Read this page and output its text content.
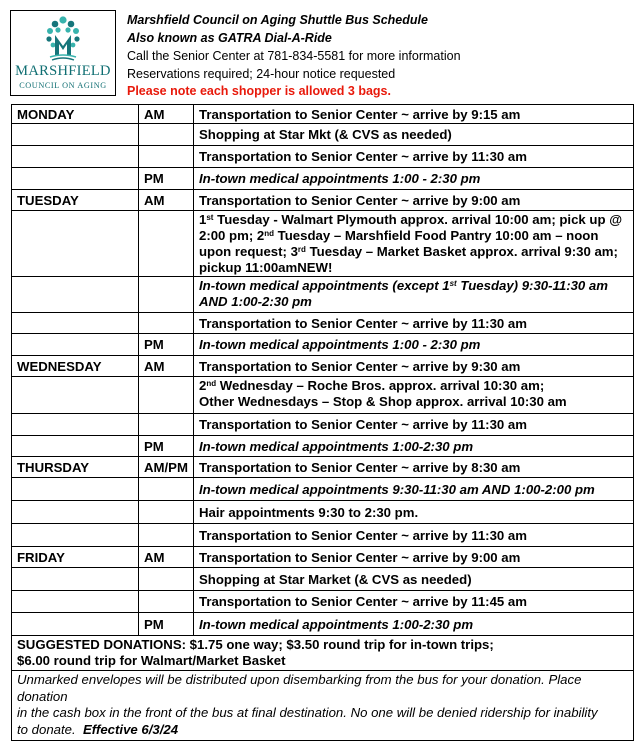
MARSHFIELD
COUNCIL ON AGING
Marshfield Council on Aging Shuttle Bus Schedule
Also known as GATRA Dial-A-Ride
Call the Senior Center at 781-834-5581 for more information
Reservations required; 24-hour notice requested
Please note each shopper is allowed 3 bags.
MONDAY	AM	Transportation to Senior Center ~ arrive by 9:15 am
		Shopping at Star Mkt (& CVS as needed)
		Transportation to Senior Center ~ arrive by 11:30 am
	PM	In-town medical appointments 1:00 - 2:30 pm
TUESDAY	AM	Transportation to Senior Center ~ arrive by 9:00 am
		1st Tuesday - Walmart Plymouth approx. arrival 10:00 am; pick up @ 2:00 pm; 2nd Tuesday – Marshfield Food Pantry 10:00 am – noon upon request; 3rd Tuesday – Market Basket approx. arrival 9:30 am; pickup 11:00amNEW!
		In-town medical appointments (except 1st Tuesday) 9:30-11:30 am AND 1:00-2:30 pm
		Transportation to Senior Center ~ arrive by 11:30 am
	PM	In-town medical appointments 1:00 - 2:30 pm
WEDNESDAY	AM	Transportation to Senior Center ~ arrive by 9:30 am
		2nd Wednesday – Roche Bros. approx. arrival 10:30 am;
Other Wednesdays – Stop & Shop approx. arrival 10:30 am
		Transportation to Senior Center ~ arrive by 11:30 am
	PM	In-town medical appointments 1:00-2:30 pm
THURSDAY	AM/PM	Transportation to Senior Center ~ arrive by 8:30 am
		In-town medical appointments 9:30-11:30 am AND 1:00-2:00 pm
		Hair appointments 9:30 to 2:30 pm.
		Transportation to Senior Center ~ arrive by 11:30 am
FRIDAY	AM	Transportation to Senior Center ~ arrive by 9:00 am
		Shopping at Star Market (& CVS as needed)
		Transportation to Senior Center ~ arrive by 11:45 am
	PM	In-town medical appointments 1:00-2:30 pm

SUGGESTED DONATIONS: $1.75 one way; $3.50 round trip for in-town trips;
$6.00 round trip for Walmart/Market Basket		

Unmarked envelopes will be distributed upon disembarking from the bus for your donation. Place
donation
in the cash box in the front of the bus at final destination. No one will be denied ridership for inability
to donate. Effective 6/3/24		
